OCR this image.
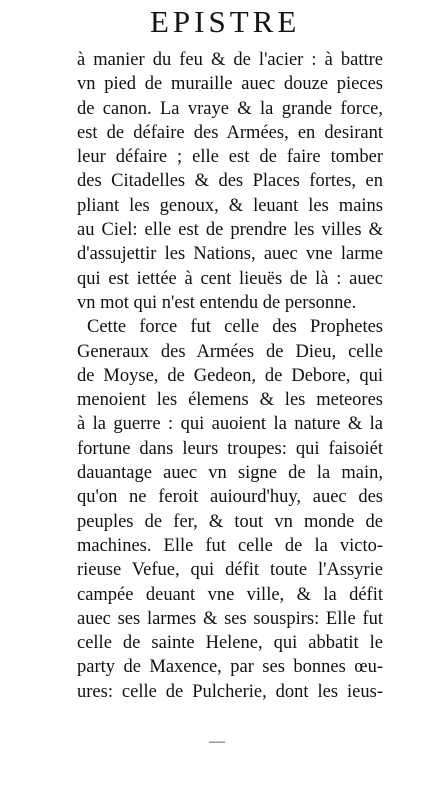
EPISTRE
à manier du feu & de l'acier : à battre
vn pied de muraille auec douze pieces
de canon. La vraye & la grande force,
est de défaire des Armées, en desirant
leur défaire ; elle est de faire tomber
des Citadelles & des Places fortes, en
pliant les genoux, & leuant les mains
au Ciel: elle est de prendre les villes &
d'assujettir les Nations, auec vne larme
qui est iettée à cent lieuës de là : auec
vn mot qui n'est entendu de personne.
Cette force fut celle des Prophetes
Generaux des Armées de Dieu, celle
de Moyse, de Gedeon, de Debore, qui
menoient les élemens & les meteores
à la guerre : qui auoient la nature & la
fortune dans leurs troupes: qui faisoiét
dauantage auec vn signe de la main,
qu'on ne feroit auiourd'huy, auec des
peuples de fer, & tout vn monde de
machines. Elle fut celle de la victo-
rieuse Vefue, qui défit toute l'Assyrie
campée deuant vne ville, & la défit
auec ses larmes & ses souspirs: Elle fut
celle de sainte Helene, qui abbatit le
party de Maxence, par ses bonnes œu-
ures: celle de Pulcherie, dont les ieus-
—
